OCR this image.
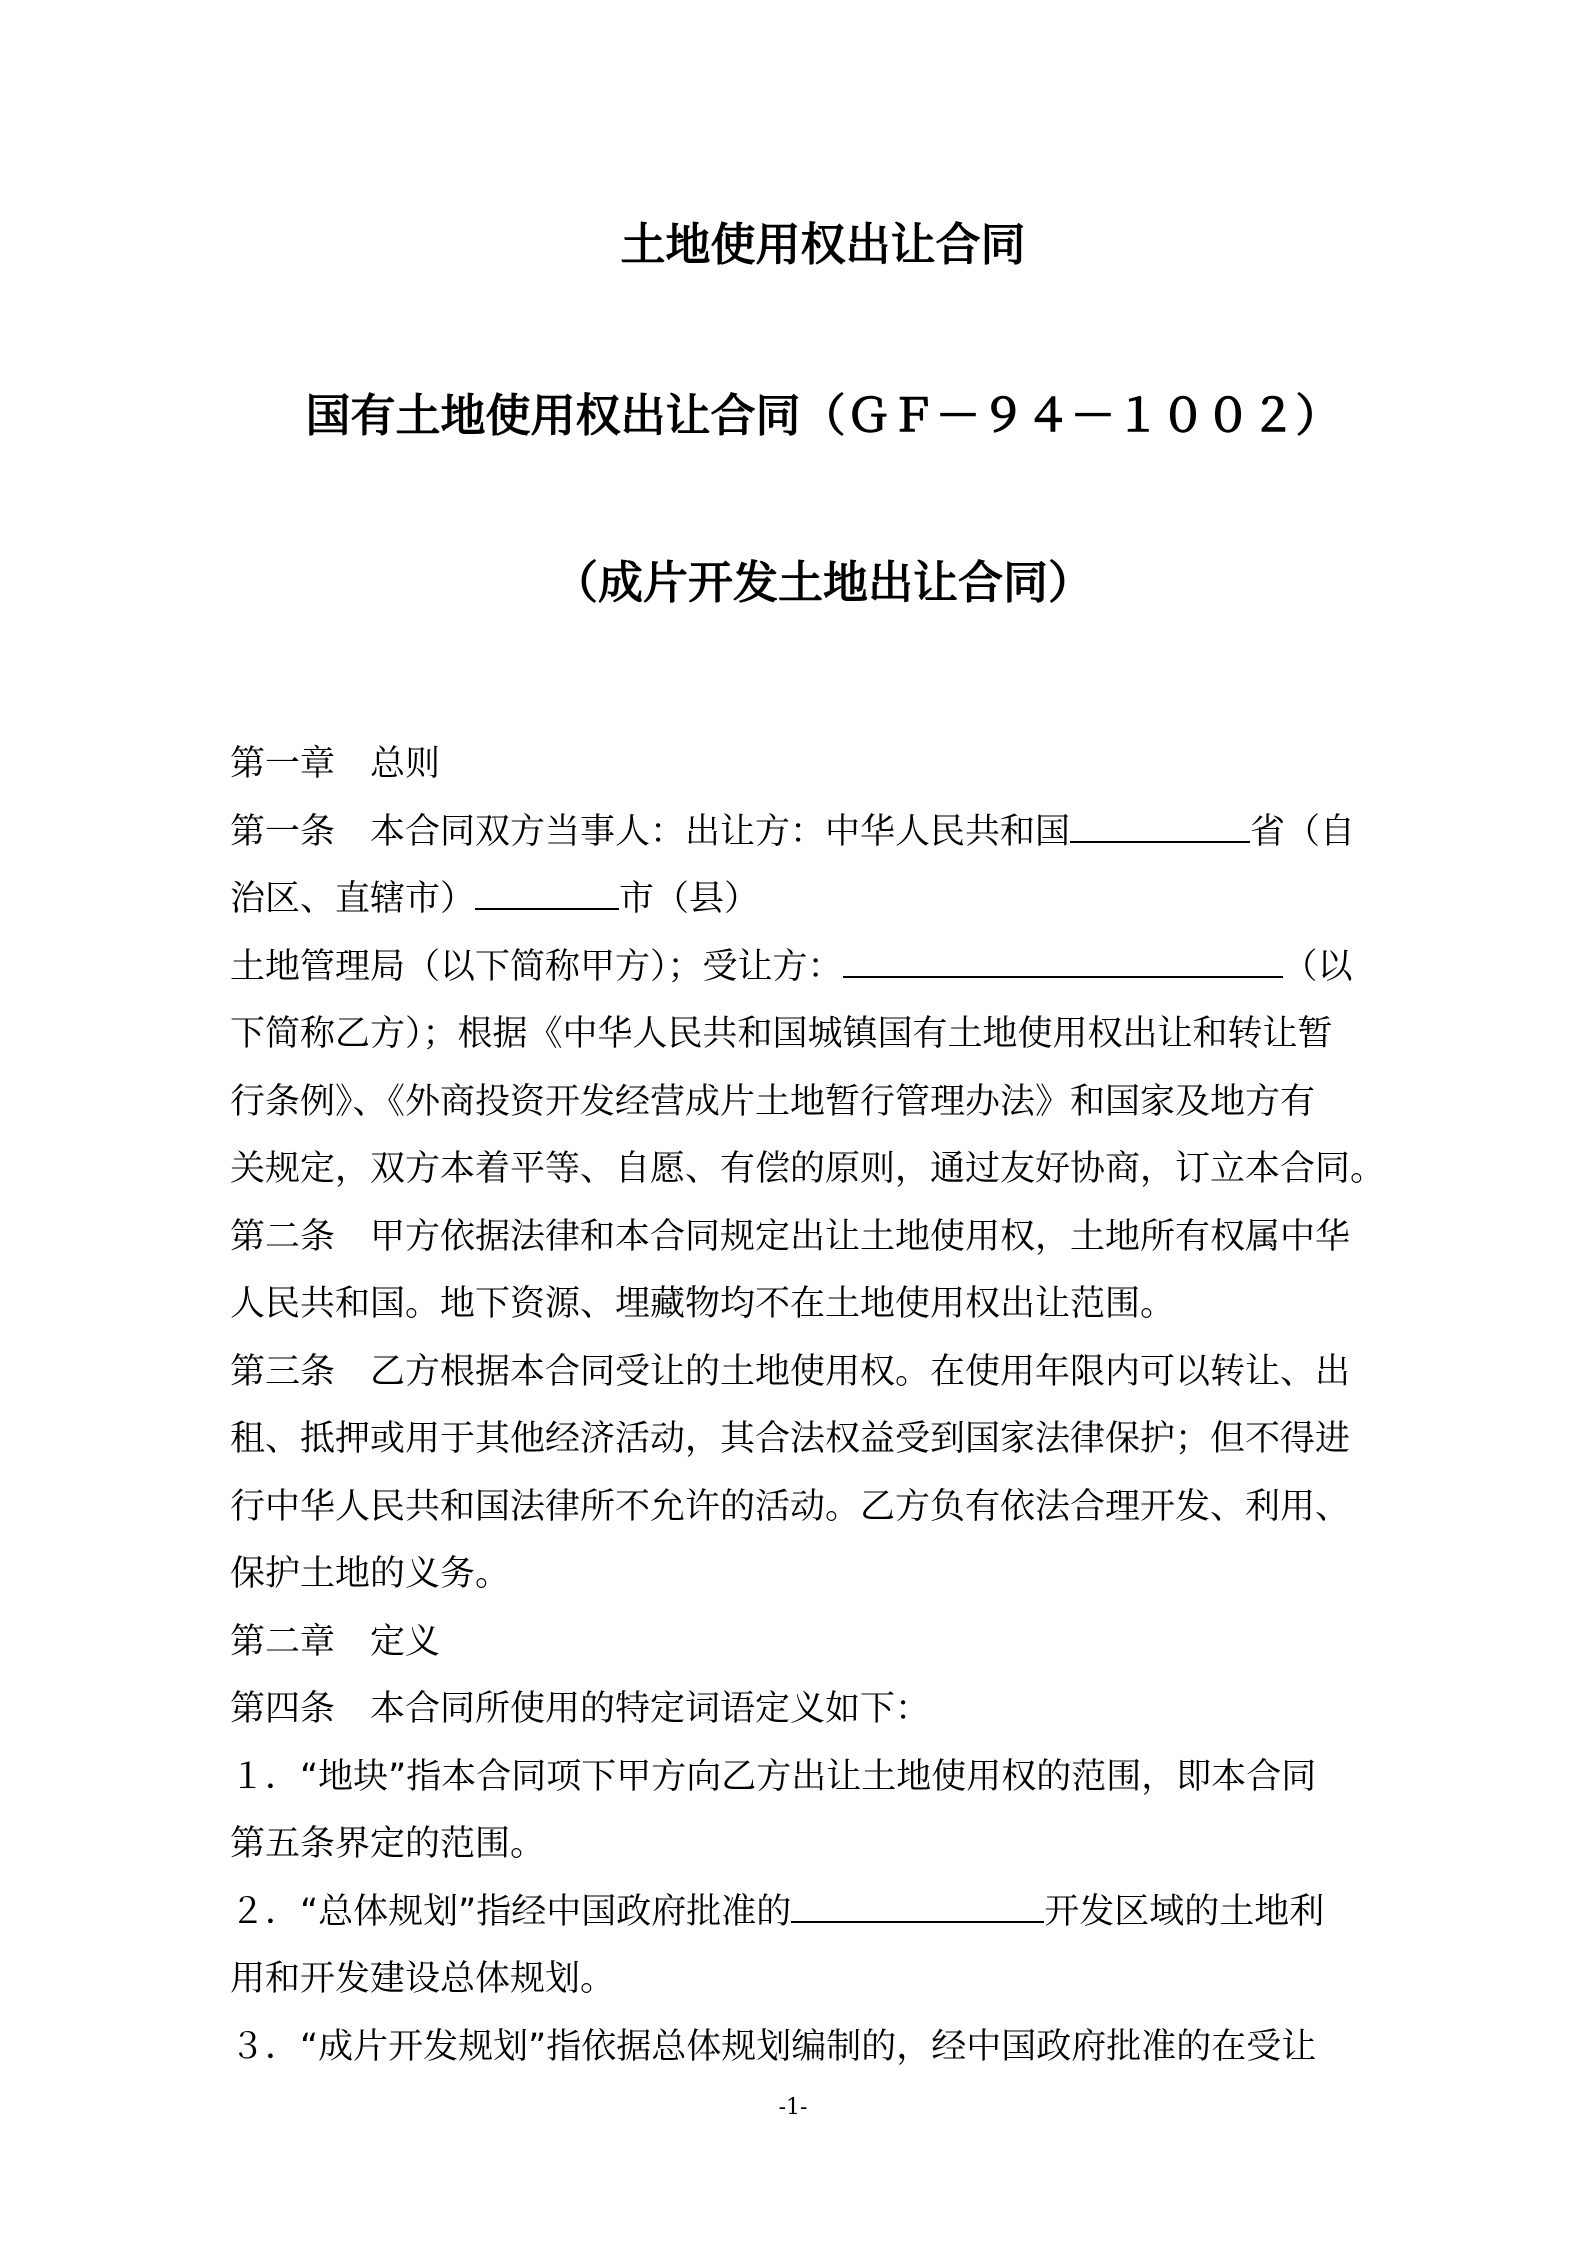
土地使用权出让合同
国有土地使用权出让合同（ＧＦ－９４－１００２）
（成片开发土地出让合同）
第一章　总则
第一条　本合同双方当事人：出让方：中华人民共和国	省（自
治区、直辖市）	市（县）
土地管理局（以下简称甲方）；受让方：	（以
下简称乙方）；根据《中华人民共和国城镇国有土地使用权出让和转让暂
行条例》、《外商投资开发经营成片土地暂行管理办法》和国家及地方有
关规定，双方本着平等、自愿、有偿的原则，通过友好协商，订立本合同。
第二条　甲方依据法律和本合同规定出让土地使用权，土地所有权属中华
人民共和国。地下资源、埋藏物均不在土地使用权出让范围。
第三条　乙方根据本合同受让的土地使用权。在使用年限内可以转让、出
租、抵押或用于其他经济活动，其合法权益受到国家法律保护；但不得进
行中华人民共和国法律所不允许的活动。乙方负有依法合理开发、利用、
保护土地的义务。
第二章　定义
第四条　本合同所使用的特定词语定义如下：
１．“地块”指本合同项下甲方向乙方出让土地使用权的范围，即本合同
第五条界定的范围。
２．“总体规划”指经中国政府批准的	开发区域的土地利
用和开发建设总体规划。
３．“成片开发规划”指依据总体规划编制的，经中国政府批准的在受让
-1-
